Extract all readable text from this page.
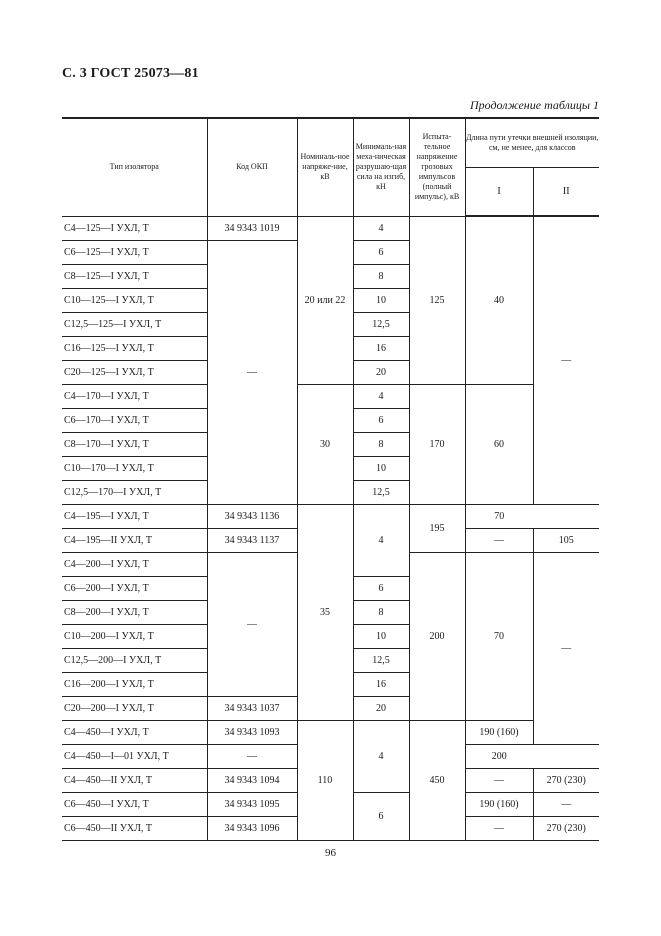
С. 3 ГОСТ 25073—81
Продолжение таблицы 1
Тип изолятора	Код ОКП	Номиналь-ное напряже-ние, кВ	Минималь-ная меха-ническая разрушаю-щая сила на изгиб, кН	Испыта-тельное напряжение грозовых импульсов (полный импульс), кВ	Длина пути утечки внешней изоляции, см, не менее, для классов	
					I	II
С4—125—I УХЛ, Т	34 9343 1019	20 или 22	4	125	40	—
С6—125—I УХЛ, Т	—		6			
С8—125—I УХЛ, Т			8			
С10—125—I УХЛ, Т			10			
С12,5—125—I УХЛ, Т			12,5			
С16—125—I УХЛ, Т			16			
С20—125—I УХЛ, Т			20			
С4—170—I УХЛ, Т		30	4	170	60	
С6—170—I УХЛ, Т			6			
С8—170—I УХЛ, Т			8			
С10—170—I УХЛ, Т			10			
С12,5—170—I УХЛ, Т			12,5			
С4—195—I УХЛ, Т	34 9343 1136	35	4	195	70	
С4—195—II УХЛ, Т	34 9343 1137				—	105
С4—200—I УХЛ, Т	—			200	70	—
С6—200—I УХЛ, Т			6			
С8—200—I УХЛ, Т			8			
С10—200—I УХЛ, Т			10			
С12,5—200—I УХЛ, Т			12,5			
С16—200—I УХЛ, Т			16			
С20—200—I УХЛ, Т	34 9343 1037		20			
С4—450—I УХЛ, Т	34 9343 1093	110	4	450	190 (160)	
С4—450—I—01 УХЛ, Т	—				200	
С4—450—II УХЛ, Т	34 9343 1094				—	270 (230)
С6—450—I УХЛ, Т	34 9343 1095		6		190 (160)	—
С6—450—II УХЛ, Т	34 9343 1096				—	270 (230)
96
